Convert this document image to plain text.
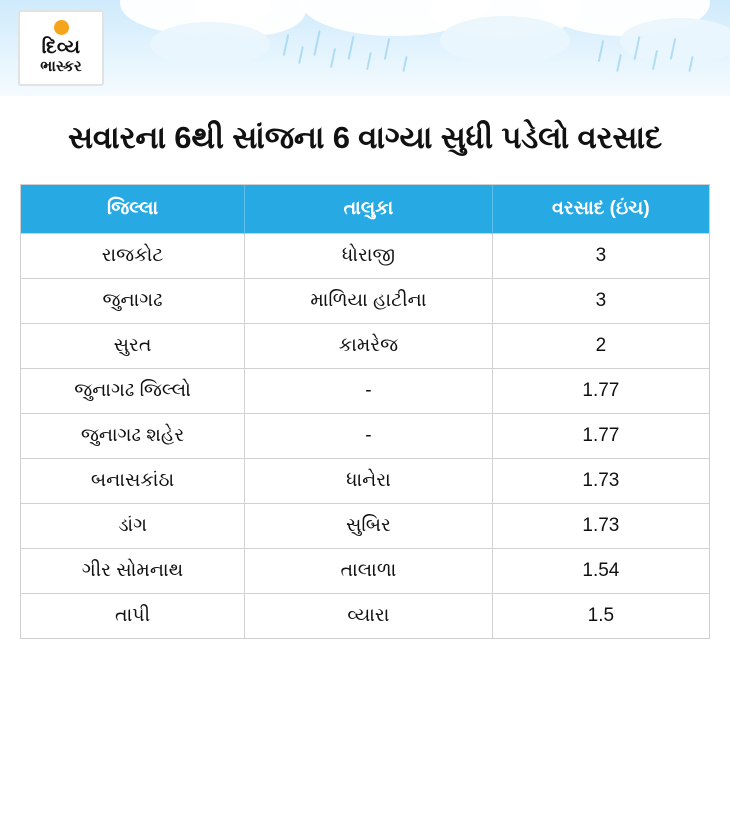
દિવ્ય
ભાસ્કર
સવારના 6થી સાંજના 6 વાગ્યા સુધી પડેલો વરસાદ
જિલ્લા	તાલુકા	વરસાદ (ઇંચ)
રાજકોટ	ધોરાજી	3
જુનાગઢ	માળિયા હાટીના	3
સુરત	કામરેજ	2
જુનાગઢ જિલ્લો	-	1.77
જુનાગઢ શહેર	-	1.77
બનાસકાંઠા	ધાનેરા	1.73
ડાંગ	સુબિર	1.73
ગીર સોમનાથ	તાલાળા	1.54
તાપી	વ્યારા	1.5
